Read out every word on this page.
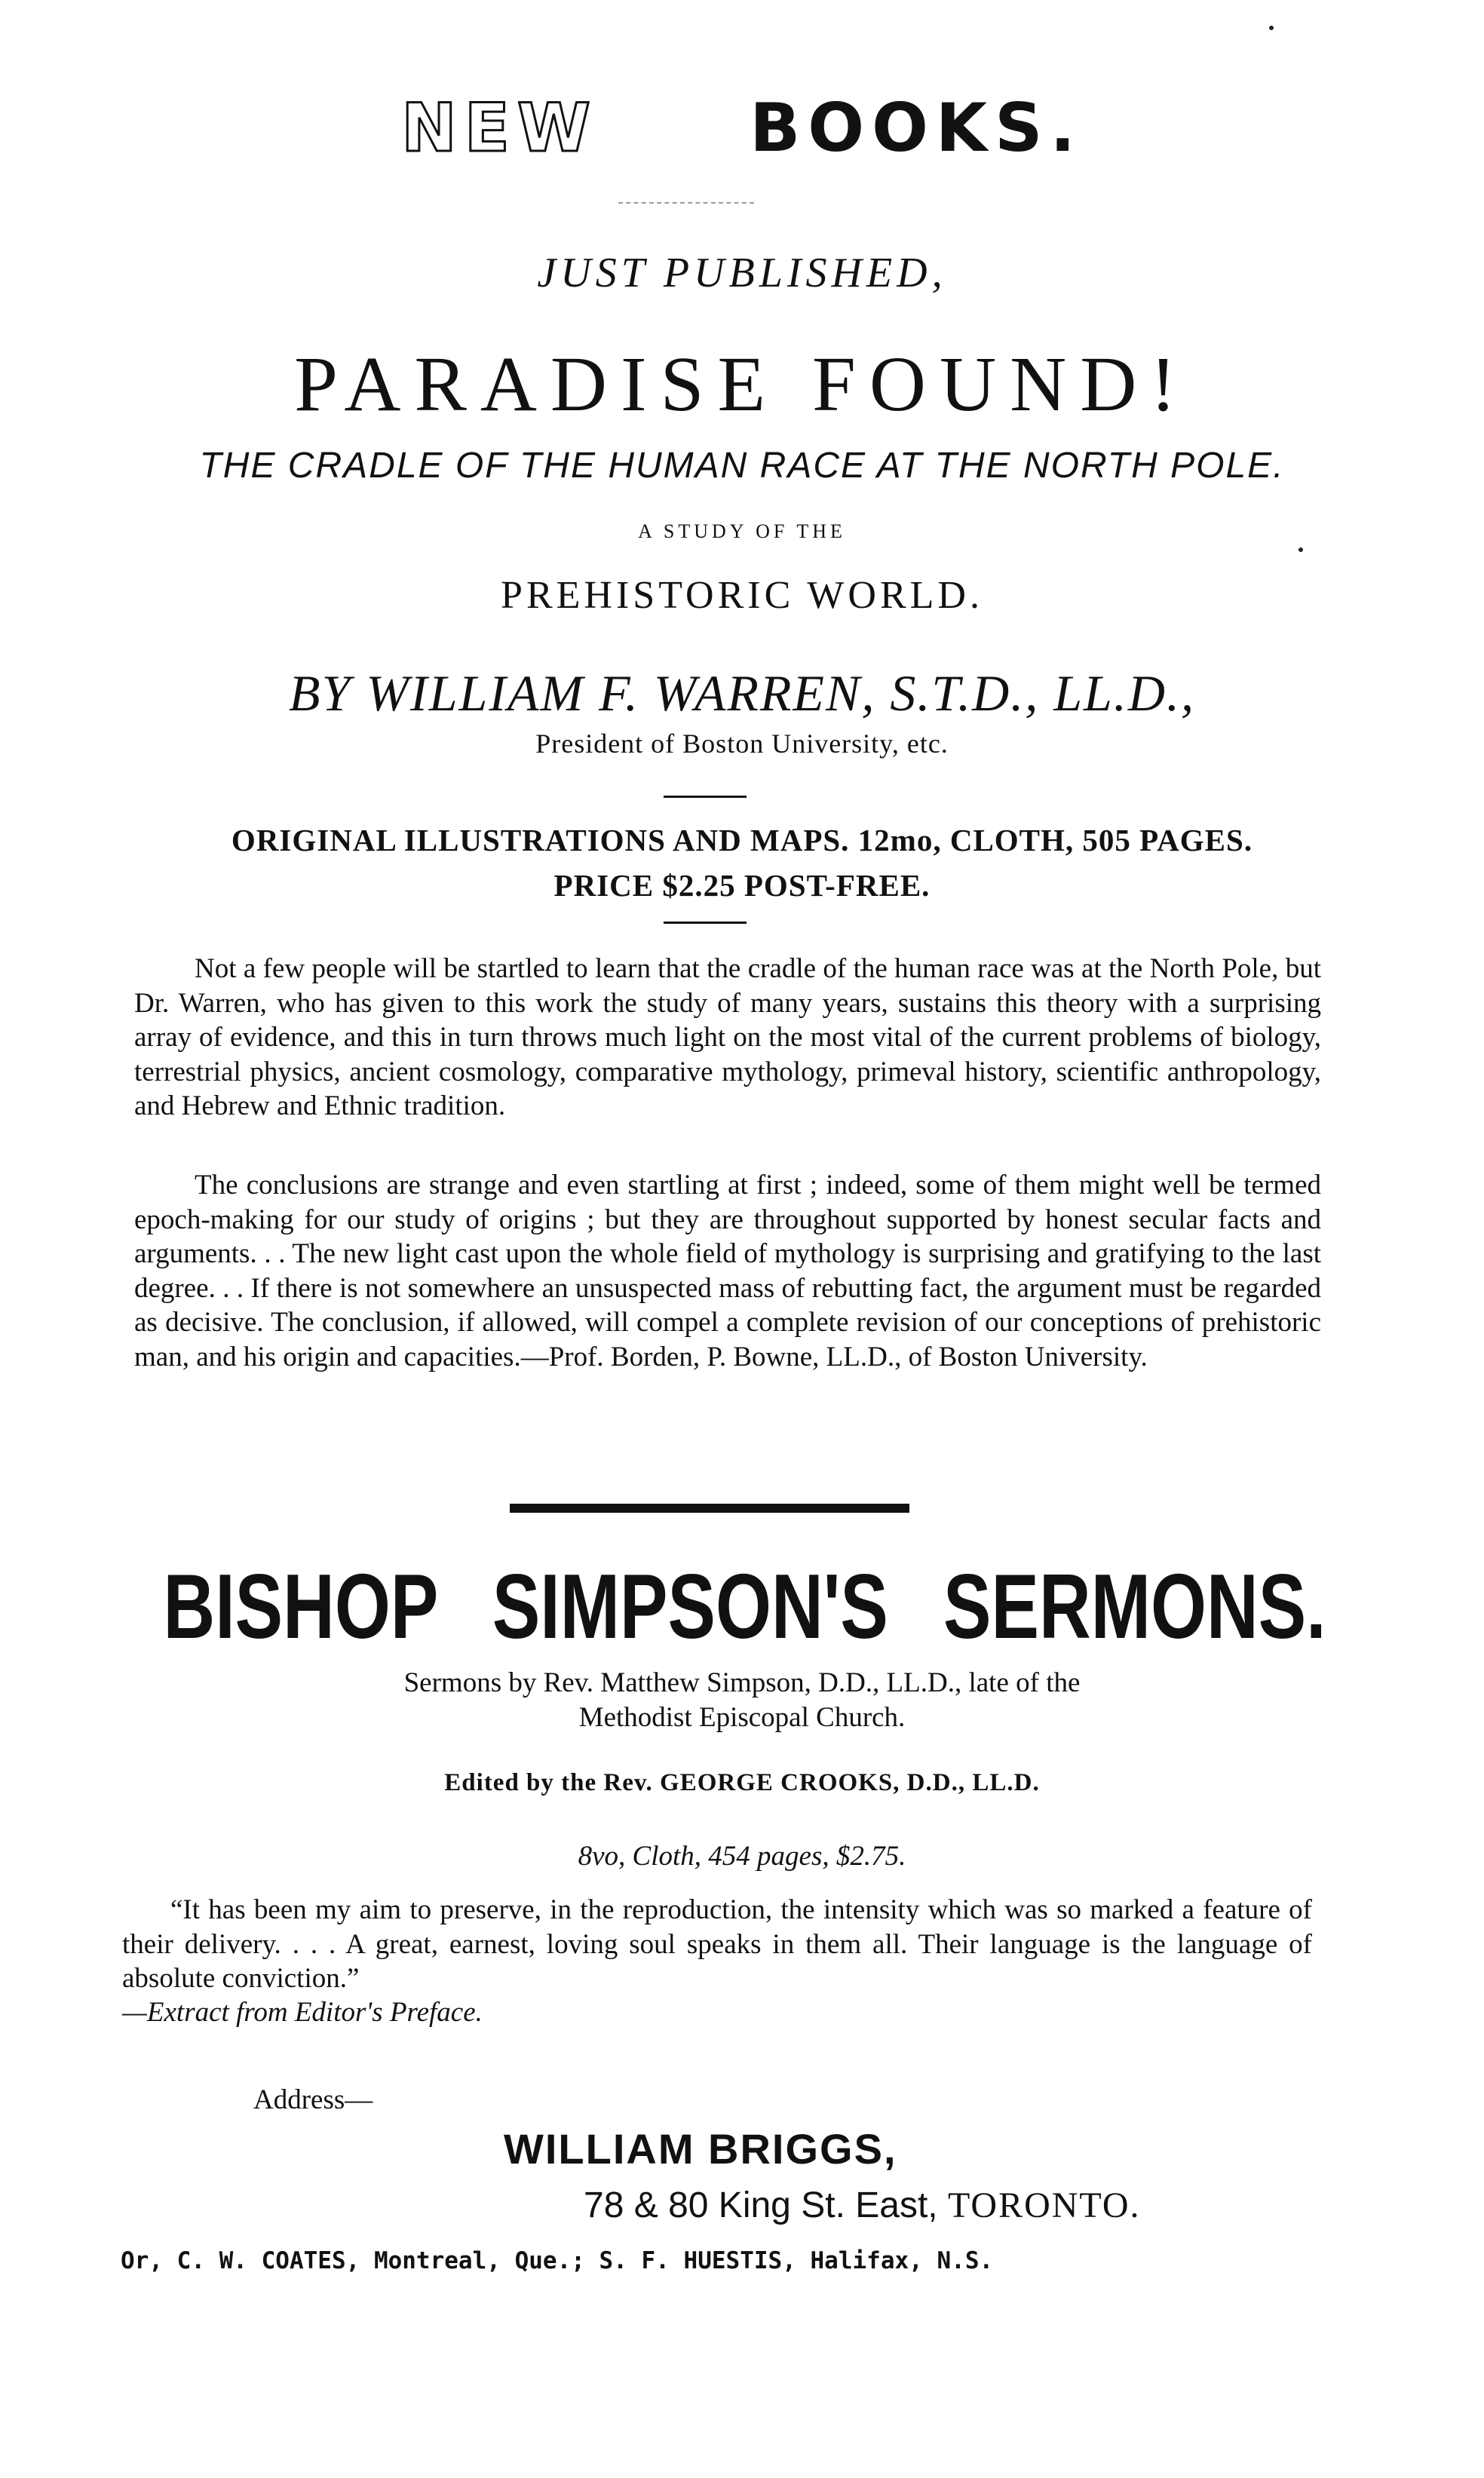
NEW BOOKS.
JUST PUBLISHED,
PARADISE FOUND!
THE CRADLE OF THE HUMAN RACE AT THE NORTH POLE.
A STUDY OF THE
PREHISTORIC WORLD.
BY WILLIAM F. WARREN, S.T.D., LL.D.,
President of Boston University, etc.
ORIGINAL ILLUSTRATIONS AND MAPS. 12mo, CLOTH, 505 PAGES.
PRICE $2.25 POST-FREE.

Not a few people will be startled to learn that the cradle of the human race was at the North Pole, but Dr. Warren, who has given to this work the study of many years, sustains this theory with a surprising array of evidence, and this in turn throws much light on the most vital of the current problems of biology, terrestrial physics, ancient cosmology, comparative mythology, primeval history, scientific anthropology, and Hebrew and Ethnic tradition.

The conclusions are strange and even startling at first ; indeed, some of them might well be termed epoch-making for our study of origins ; but they are throughout supported by honest secular facts and arguments. . . The new light cast upon the whole field of mythology is surprising and gratifying to the last degree. . . If there is not somewhere an unsuspected mass of rebutting fact, the argument must be regarded as decisive. The conclusion, if allowed, will compel a complete revision of our conceptions of prehistoric man, and his origin and capacities.—Prof. Borden, P. Bowne, LL.D., of Boston University.

BISHOP SIMPSON'S SERMONS.
Sermons by Rev. Matthew Simpson, D.D., LL.D., late of the
Methodist Episcopal Church.
Edited by the Rev. GEORGE CROOKS, D.D., LL.D.
8vo, Cloth, 454 pages, $2.75.

“It has been my aim to preserve, in the reproduction, the intensity which was so marked a feature of their delivery. . . . A great, earnest, loving soul speaks in them all. Their language is the language of absolute conviction.”

—Extract from Editor's Preface.
Address—
WILLIAM BRIGGS,
78 & 80 King St. East, TORONTO.
Or, C. W. COATES, Montreal, Que.; S. F. HUESTIS, Halifax, N.S.
